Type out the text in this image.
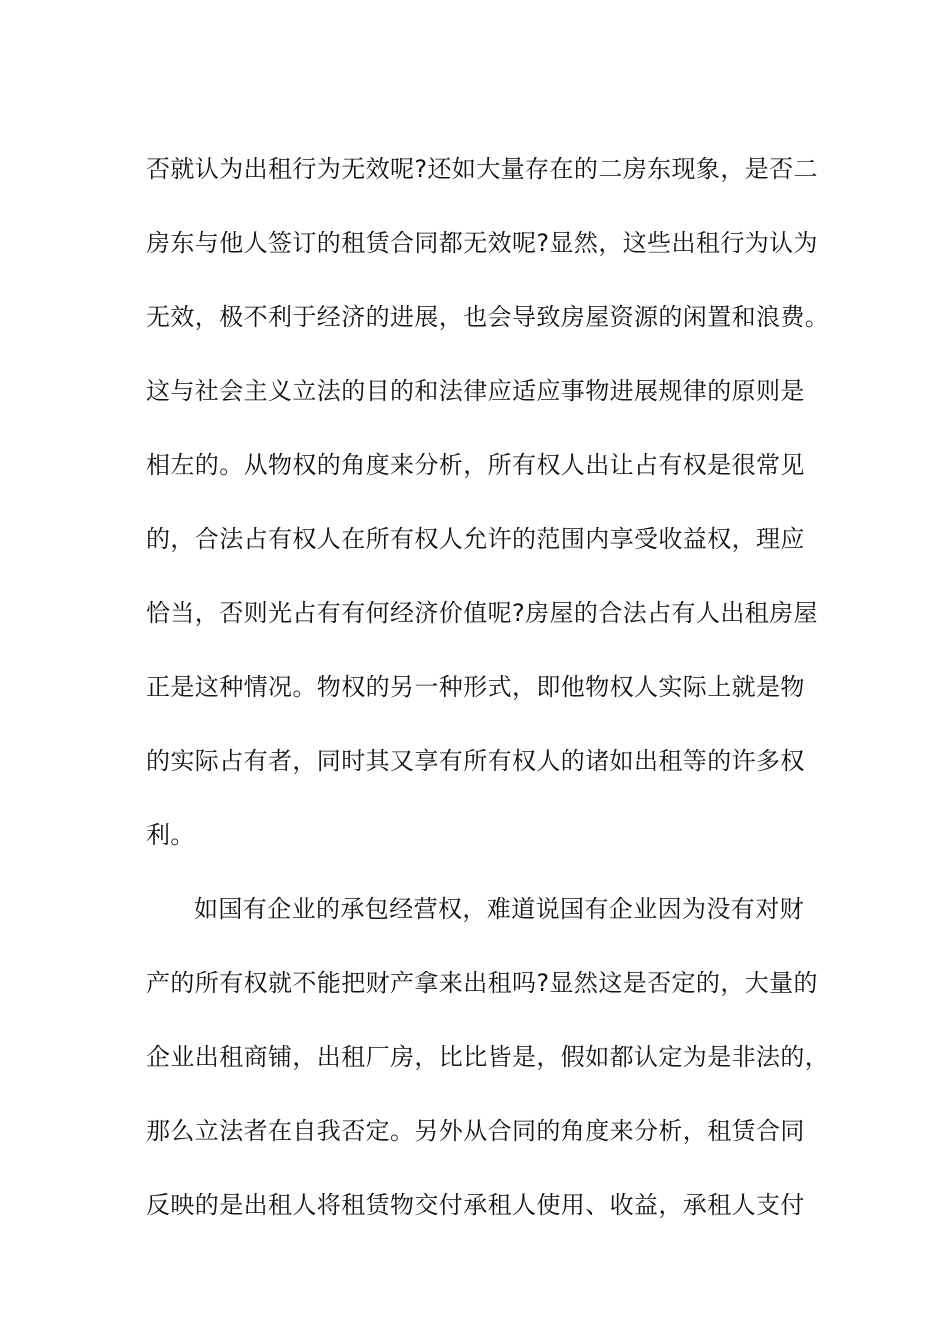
否就认为出租行为无效呢?还如大量存在的二房东现象，是否二
房东与他人签订的租赁合同都无效呢?显然，这些出租行为认为
无效，极不利于经济的进展，也会导致房屋资源的闲置和浪费。
这与社会主义立法的目的和法律应适应事物进展规律的原则是
相左的。从物权的角度来分析，所有权人出让占有权是很常见
的，合法占有权人在所有权人允许的范围内享受收益权，理应
恰当，否则光占有有何经济价值呢?房屋的合法占有人出租房屋
正是这种情况。物权的另一种形式，即他物权人实际上就是物
的实际占有者，同时其又享有所有权人的诸如出租等的许多权
利。
如国有企业的承包经营权，难道说国有企业因为没有对财
产的所有权就不能把财产拿来出租吗?显然这是否定的，大量的
企业出租商铺，出租厂房，比比皆是，假如都认定为是非法的，
那么立法者在自我否定。另外从合同的角度来分析，租赁合同
反映的是出租人将租赁物交付承租人使用、收益，承租人支付
